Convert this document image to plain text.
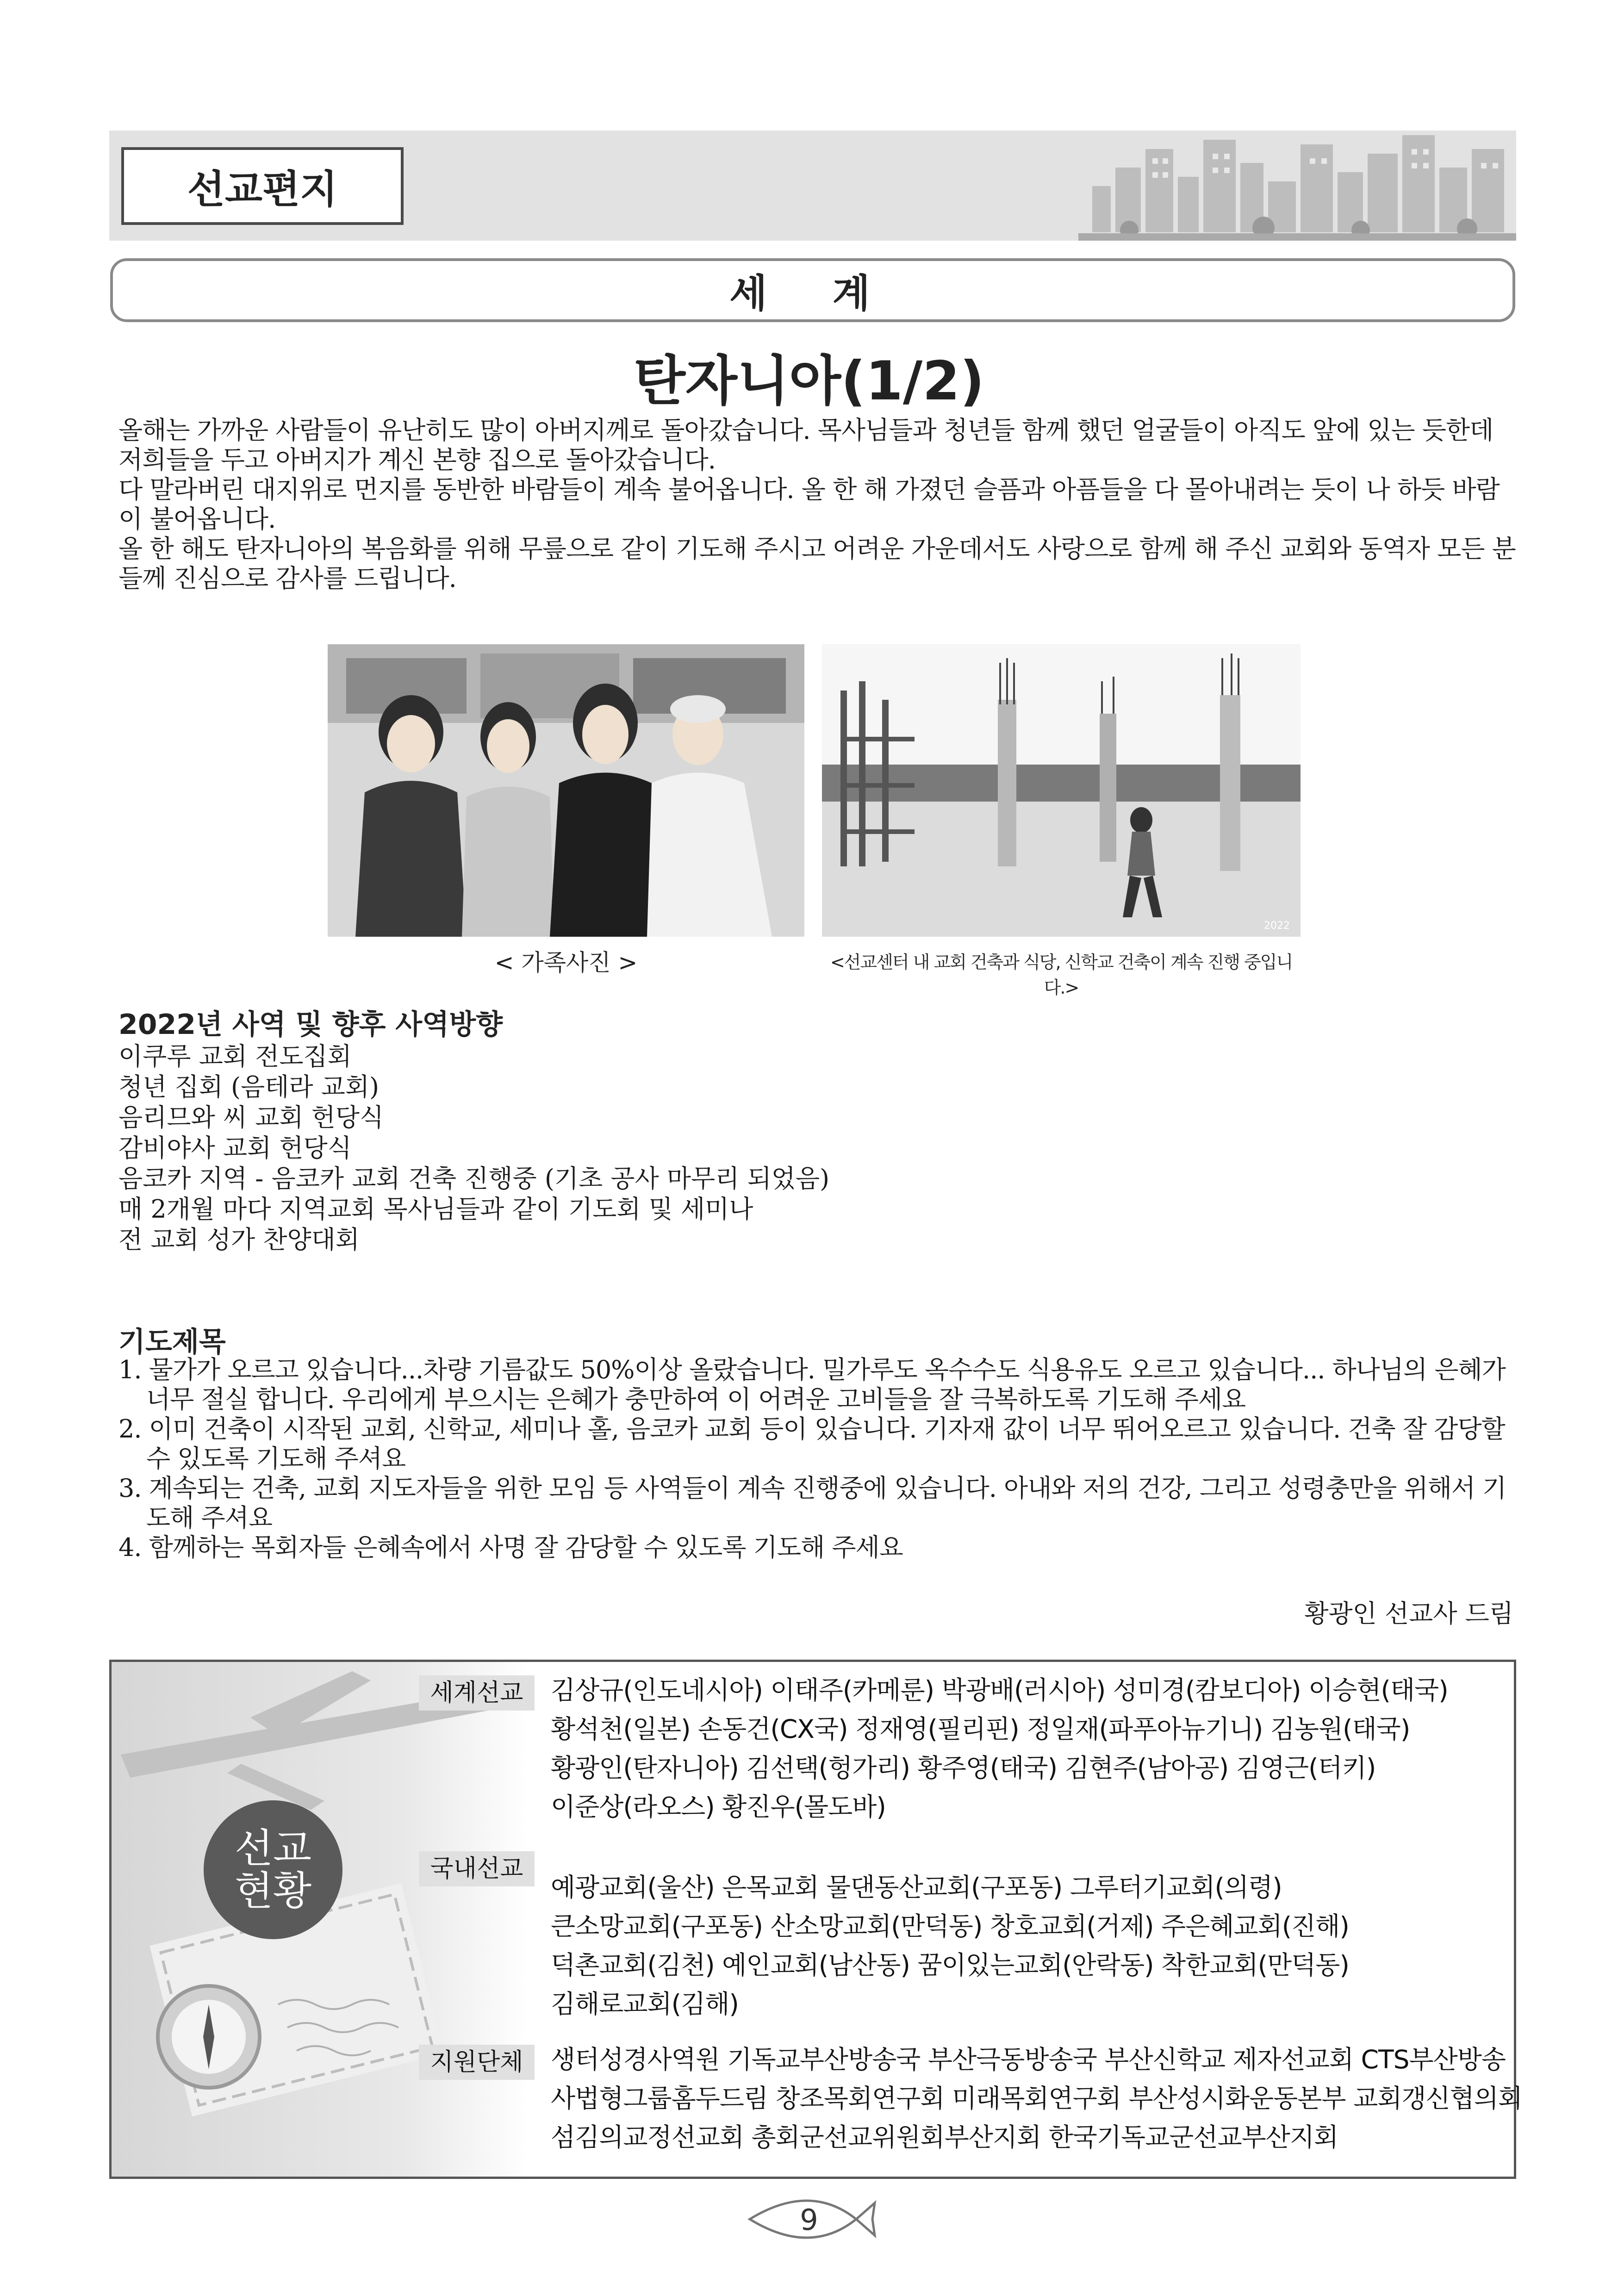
선교편지
세 계
탄자니아(1/2)

올해는 가까운 사람들이 유난히도 많이 아버지께로 돌아갔습니다. 목사님들과 청년들 함께 했던 얼굴들이 아직도 앞에 있는 듯한데 저희들을 두고 아버지가 계신 본향 집으로 돌아갔습니다.

다 말라버린 대지위로 먼지를 동반한 바람들이 계속 불어옵니다. 올 한 해 가졌던 슬픔과 아픔들을 다 몰아내려는 듯이 나 하듯 바람이 불어옵니다.

올 한 해도 탄자니아의 복음화를 위해 무릎으로 같이 기도해 주시고 어려운 가운데서도 사랑으로 함께 해 주신 교회와 동역자 모든 분들께 진심으로 감사를 드립니다.

2022
< 가족사진 >	<선교센터 내 교회 건축과 식당, 신학교 건축이 계속 진행 중입니다.>
2022년 사역 및 향후 사역방향
이쿠루 교회 전도집회
청년 집회 (음테라 교회)
음리므와 씨 교회 헌당식
감비야사 교회 헌당식
음코카 지역 - 음코카 교회 건축 진행중 (기초 공사 마무리 되었음)
매 2개월 마다 지역교회 목사님들과 같이 기도회 및 세미나
전 교회 성가 찬양대회
기도제목
1. 물가가 오르고 있습니다...차량 기름값도 50%이상 올랐습니다. 밀가루도 옥수수도 식용유도 오르고 있습니다... 하나님의 은혜가 너무 절실 합니다. 우리에게 부으시는 은혜가 충만하여 이 어려운 고비들을 잘 극복하도록 기도해 주세요
2. 이미 건축이 시작된 교회, 신학교, 세미나 홀, 음코카 교회 등이 있습니다. 기자재 값이 너무 뛰어오르고 있습니다. 건축 잘 감당할 수 있도록 기도해 주셔요
3. 계속되는 건축, 교회 지도자들을 위한 모임 등 사역들이 계속 진행중에 있습니다. 아내와 저의 건강, 그리고 성령충만을 위해서 기도해 주셔요
4. 함께하는 목회자들 은혜속에서 사명 잘 감당할 수 있도록 기도해 주세요
황광인 선교사 드림
선교
현황
세계선교	김상규(인도네시아) 이태주(카메룬) 박광배(러시아) 성미경(캄보디아) 이승현(태국)
황석천(일본) 손동건(CX국) 정재영(필리핀) 정일재(파푸아뉴기니) 김농원(태국)
황광인(탄자니아) 김선택(헝가리) 황주영(태국) 김현주(남아공) 김영근(터키)
이준상(라오스) 황진우(몰도바)
국내선교
예광교회(울산) 은목교회 물댄동산교회(구포동) 그루터기교회(의령)
큰소망교회(구포동) 산소망교회(만덕동) 창호교회(거제) 주은혜교회(진해)
덕촌교회(김천) 예인교회(남산동) 꿈이있는교회(안락동) 착한교회(만덕동)
김해로교회(김해)
지원단체	생터성경사역원 기독교부산방송국 부산극동방송국 부산신학교 제자선교회 CTS부산방송
사법형그룹홈두드림 창조목회연구회 미래목회연구회 부산성시화운동본부 교회갱신협의회
섬김의교정선교회 총회군선교위원회부산지회 한국기독교군선교부산지회
9
